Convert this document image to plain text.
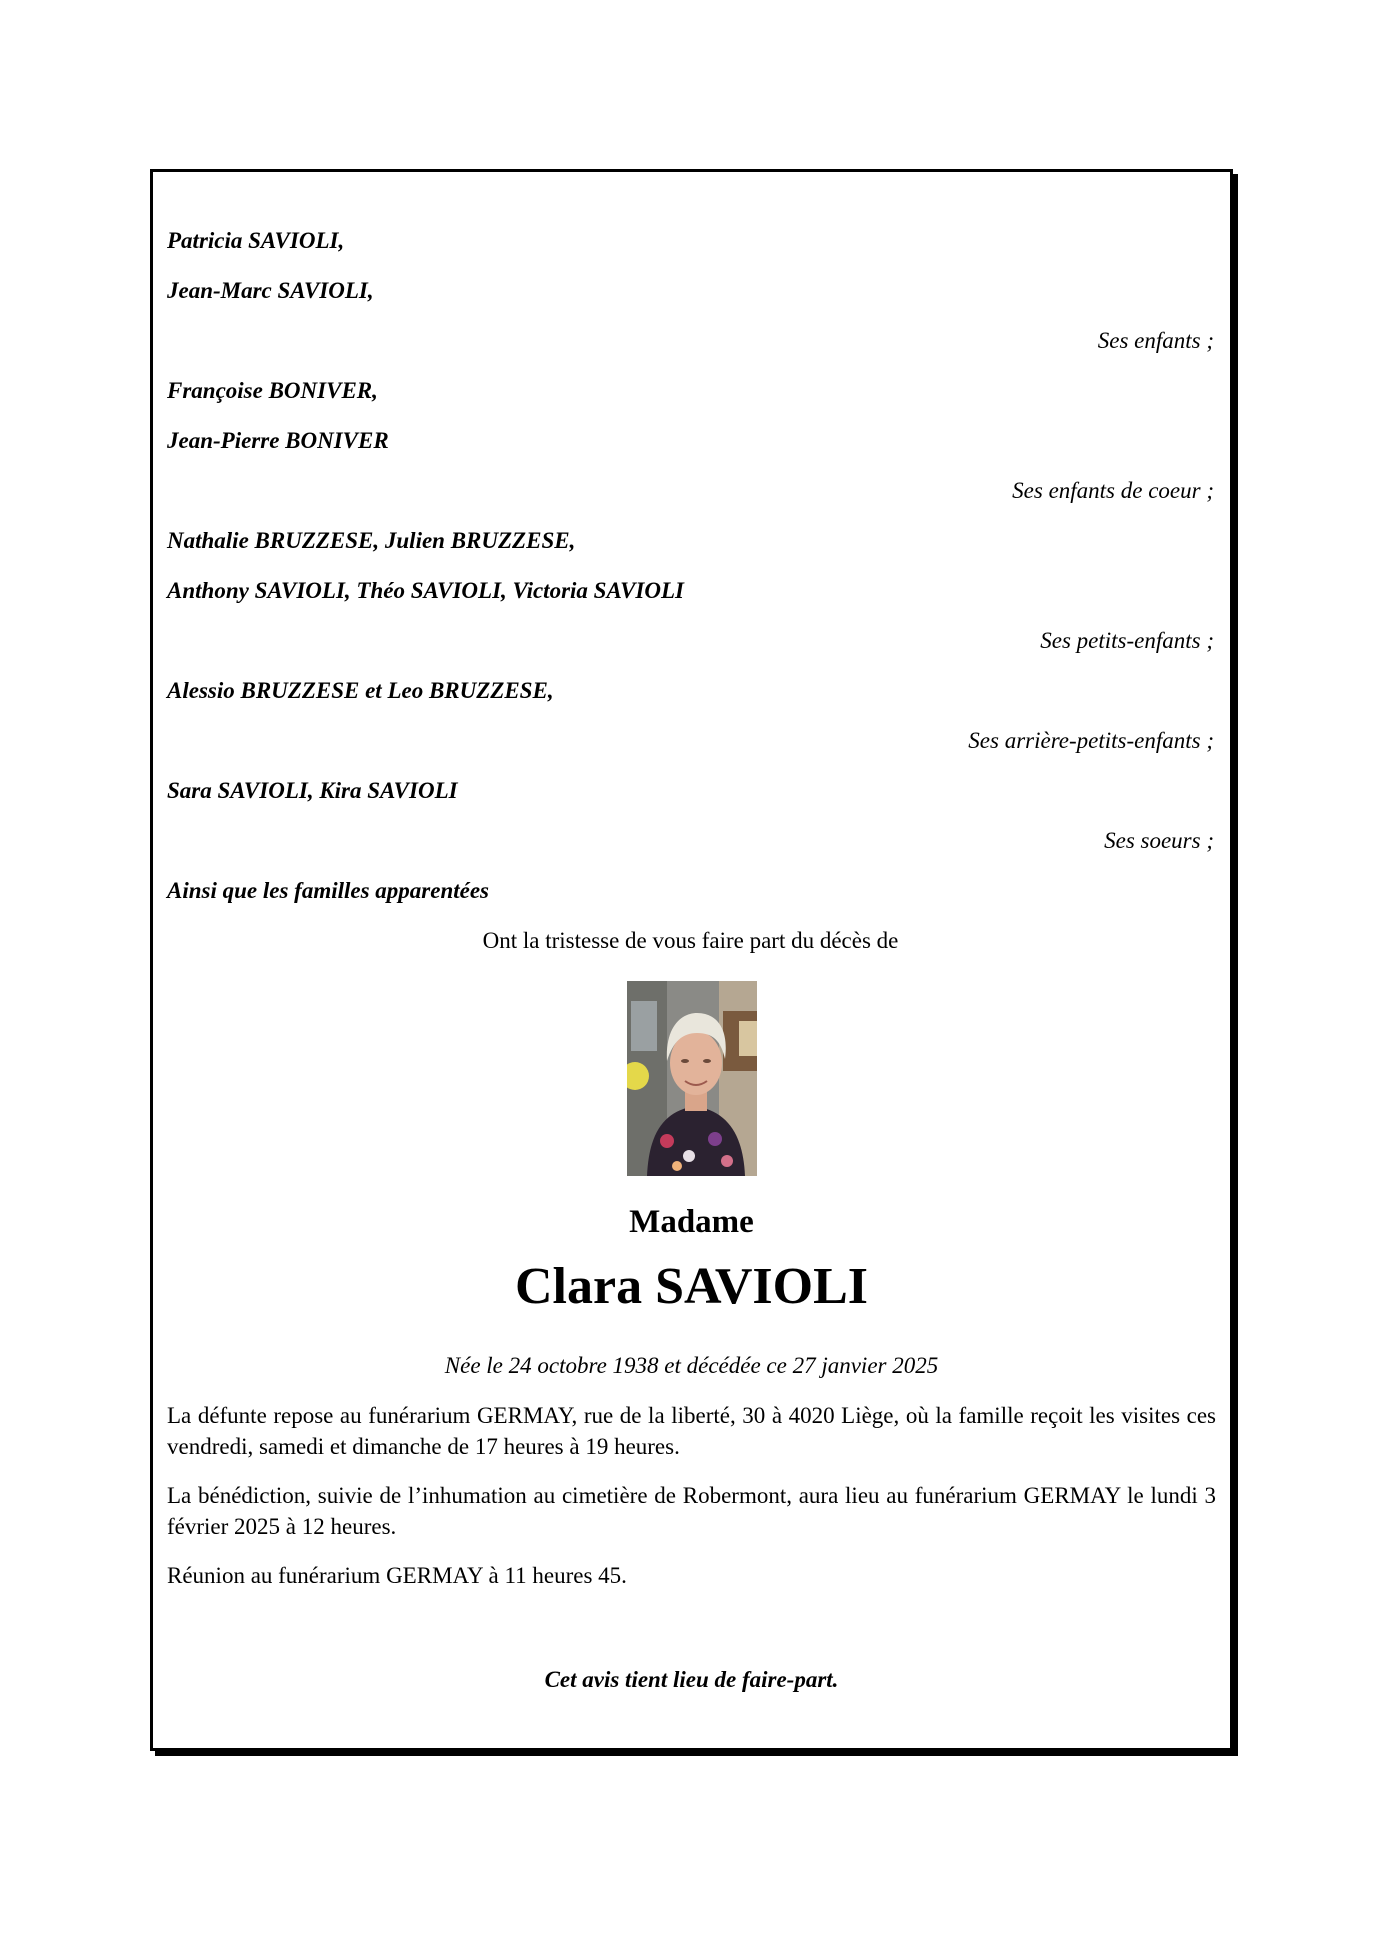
Patricia SAVIOLI,
Jean-Marc SAVIOLI,
Ses enfants ;
Françoise BONIVER,
Jean-Pierre BONIVER
Ses enfants de coeur ;
Nathalie BRUZZESE, Julien BRUZZESE,
Anthony SAVIOLI, Théo SAVIOLI, Victoria SAVIOLI
Ses petits-enfants ;
Alessio BRUZZESE et Leo BRUZZESE,
Ses arrière-petits-enfants ;
Sara SAVIOLI, Kira SAVIOLI
Ses soeurs ;
Ainsi que les familles apparentées
Ont la tristesse de vous faire part du décès de
Madame
Clara SAVIOLI
Née le 24 octobre 1938 et décédée ce 27 janvier 2025
La défunte repose au funérarium GERMAY, rue de la liberté, 30 à 4020 Liège, où la famille reçoit les visites ces vendredi, samedi et dimanche de 17 heures à 19 heures.
La bénédiction, suivie de l’inhumation au cimetière de Robermont, aura lieu au funérarium GERMAY le lundi 3 février 2025 à 12 heures.
Réunion au funérarium GERMAY à 11 heures 45.
Cet avis tient lieu de faire-part.
